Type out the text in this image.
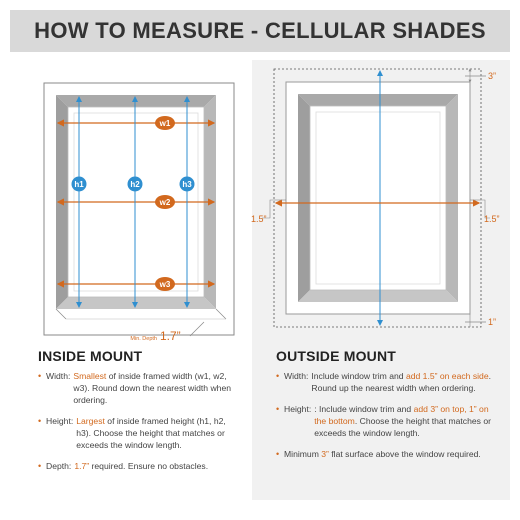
HOW TO MEASURE - CELLULAR SHADES
w1
w2
w3
h1	h2	h3
Min. Depth 1.7”
3”
1.5”	1.5”
1”
INSIDE MOUNT
• Width: Smallest of inside framed width (w1, w2, w3). Round down the nearest width when ordering.
• Height: Largest of inside framed height (h1, h2, h3). Choose the height that matches or exceeds the window length.
• Depth: 1.7” required. Ensure no obstacles.
OUTSIDE MOUNT
• Width: Include window trim and add 1.5” on each side. Round up the nearest width when ordering.
• Height: : Include window trim and add 3” on top, 1” on the bottom. Choose the height that matches or exceeds the window length.
• Minimum 3” flat surface above the window required.
